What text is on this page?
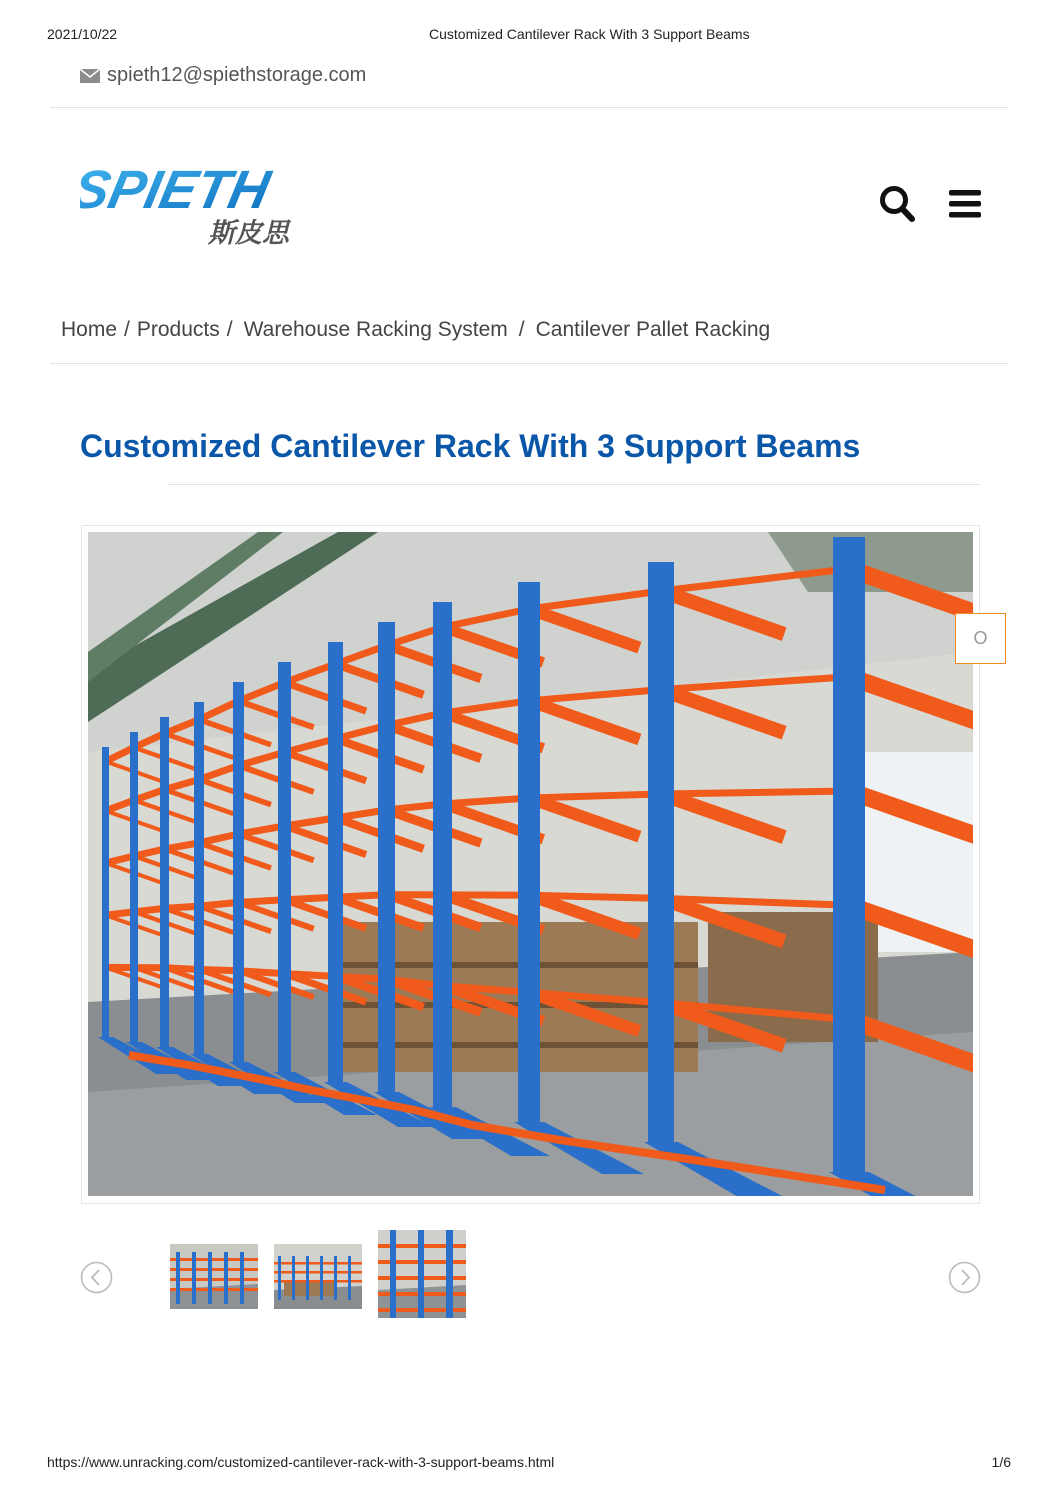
2021/10/22	Customized Cantilever Rack With 3 Support Beams
spieth12@spiethstorage.com
SPIETH
斯皮思
Home / Products / Warehouse Racking System / Cantilever Pallet Racking
Customized Cantilever Rack With 3 Support Beams
O
https://www.unracking.com/customized-cantilever-rack-with-3-support-beams.html	1/6
